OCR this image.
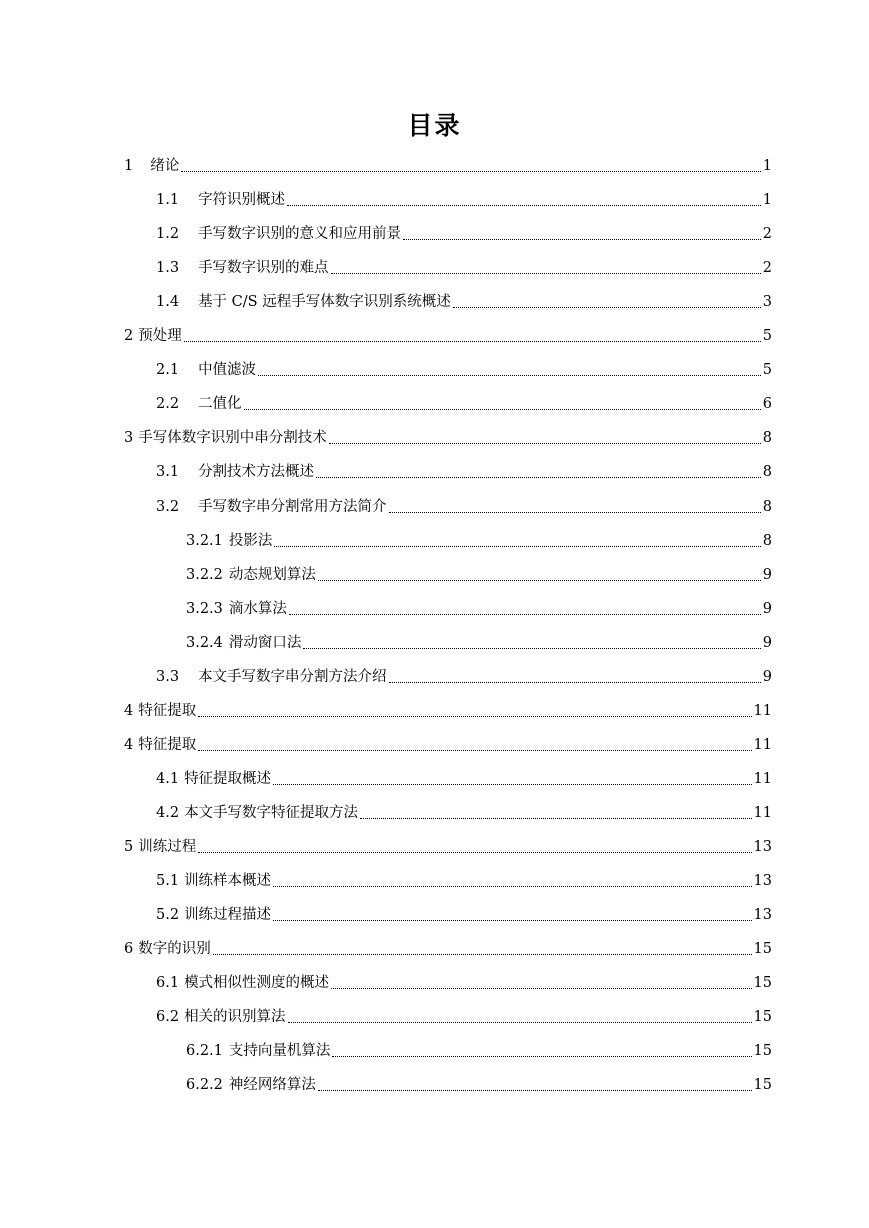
目录
1 绪论	1
1.1 字符识别概述	1
1.2 手写数字识别的意义和应用前景	2
1.3 手写数字识别的难点	2
1.4 基于 C/S 远程手写体数字识别系统概述	3
2 预处理	5
2.1 中值滤波	5
2.2 二值化	6
3 手写体数字识别中串分割技术	8
3.1 分割技术方法概述	8
3.2 手写数字串分割常用方法简介	8
3.2.1 投影法	8
3.2.2 动态规划算法	9
3.2.3 滴水算法	9
3.2.4 滑动窗口法	9
3.3 本文手写数字串分割方法介绍	9
4 特征提取	11
4 特征提取	11
4.1 特征提取概述	11
4.2 本文手写数字特征提取方法	11
5 训练过程	13
5.1 训练样本概述	13
5.2 训练过程描述	13
6 数字的识别	15
6.1 模式相似性测度的概述	15
6.2 相关的识别算法	15
6.2.1 支持向量机算法	15
6.2.2 神经网络算法	15
